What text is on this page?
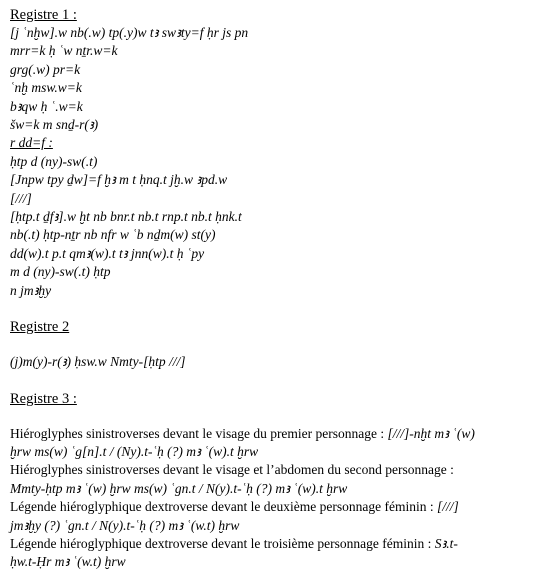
Registre 1 :

[j ʿnḫw].w nb(.w) tp(.y)w tꜣ swꜣty=f ḥr js pn

mrr=k ḥ ʿw nṯr.w=k

grg(.w) pr=k

ʿnḫ msw.w=k

bꜣqw ḥ ʿ.w=k

šw=k m snḏ-r(ꜣ)

r ḏd=f :

ḥtp d (ny)-sw(.t)

[Jnpw tpy ḏw]=f ḫꜣ m t ḥnq.t jḫ.w ꜣpd.w

[///]

[ḥtp.t ḏfꜣ].w ḫt nb bnr.t nb.t rnp.t nb.t ḥnk.t

nb(.t) ḥtp-nṯr nb nfr w ʿb nḏm(w) st(y)

dd(w).t p.t qmꜣ(w).t tꜣ jnn(w).t ḥ ʿpy

m d (ny)-sw(.t) ḥtp

n jmꜣḫy

Registre 2

(j)m(y)-r(ꜣ) ḥsw.w Nmty-[ḥtp ///]

Registre 3 :

Hiéroglyphes sinistroverses devant le visage du premier personnage : [///]-nḫt mꜣ ʿ(w)

ḫrw ms(w) ʿg[n].t / (Ny).t-ʿḥ (?) mꜣ ʿ(w).t ḫrw

Hiéroglyphes sinistroverses devant le visage et l’abdomen du second personnage :

Mmty-ḥtp mꜣ ʿ(w) ḫrw ms(w) ʿgn.t / N(y).t-ʿḥ (?) mꜣ ʿ(w).t ḫrw

Légende hiéroglyphique dextroverse devant le deuxième personnage féminin : [///]

jmꜣḫy (?) ʿgn.t / N(y).t-ʿḥ (?) mꜣ ʿ(w.t) ḫrw

Légende hiéroglyphique dextroverse devant le troisième personnage féminin : Sꜣ.t-

ḥw.t-Ḥr mꜣ ʿ(w.t) ḫrw
